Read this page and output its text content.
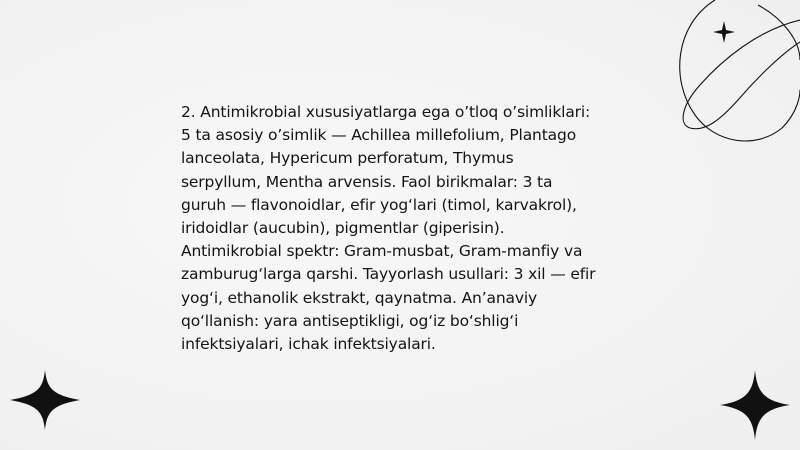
2. Antimikrobial xususiyatlarga ega o’tloq o’simliklari:
5 ta asosiy o’simlik — Achillea millefolium, Plantago
lanceolata, Hypericum perforatum, Thymus
serpyllum, Mentha arvensis. Faol birikmalar: 3 ta
guruh — flavonoidlar, efir yog‘lari (timol, karvakrol),
iridoidlar (aucubin), pigmentlar (giperisin).
Antimikrobial spektr: Gram-musbat, Gram-manfiy va
zamburug‘larga qarshi. Tayyorlash usullari: 3 xil — efir
yog‘i, ethanolik ekstrakt, qaynatma. An’anaviy
qo‘llanish: yara antiseptikligi, og‘iz bo‘shlig‘i
infektsiyalari, ichak infektsiyalari.
